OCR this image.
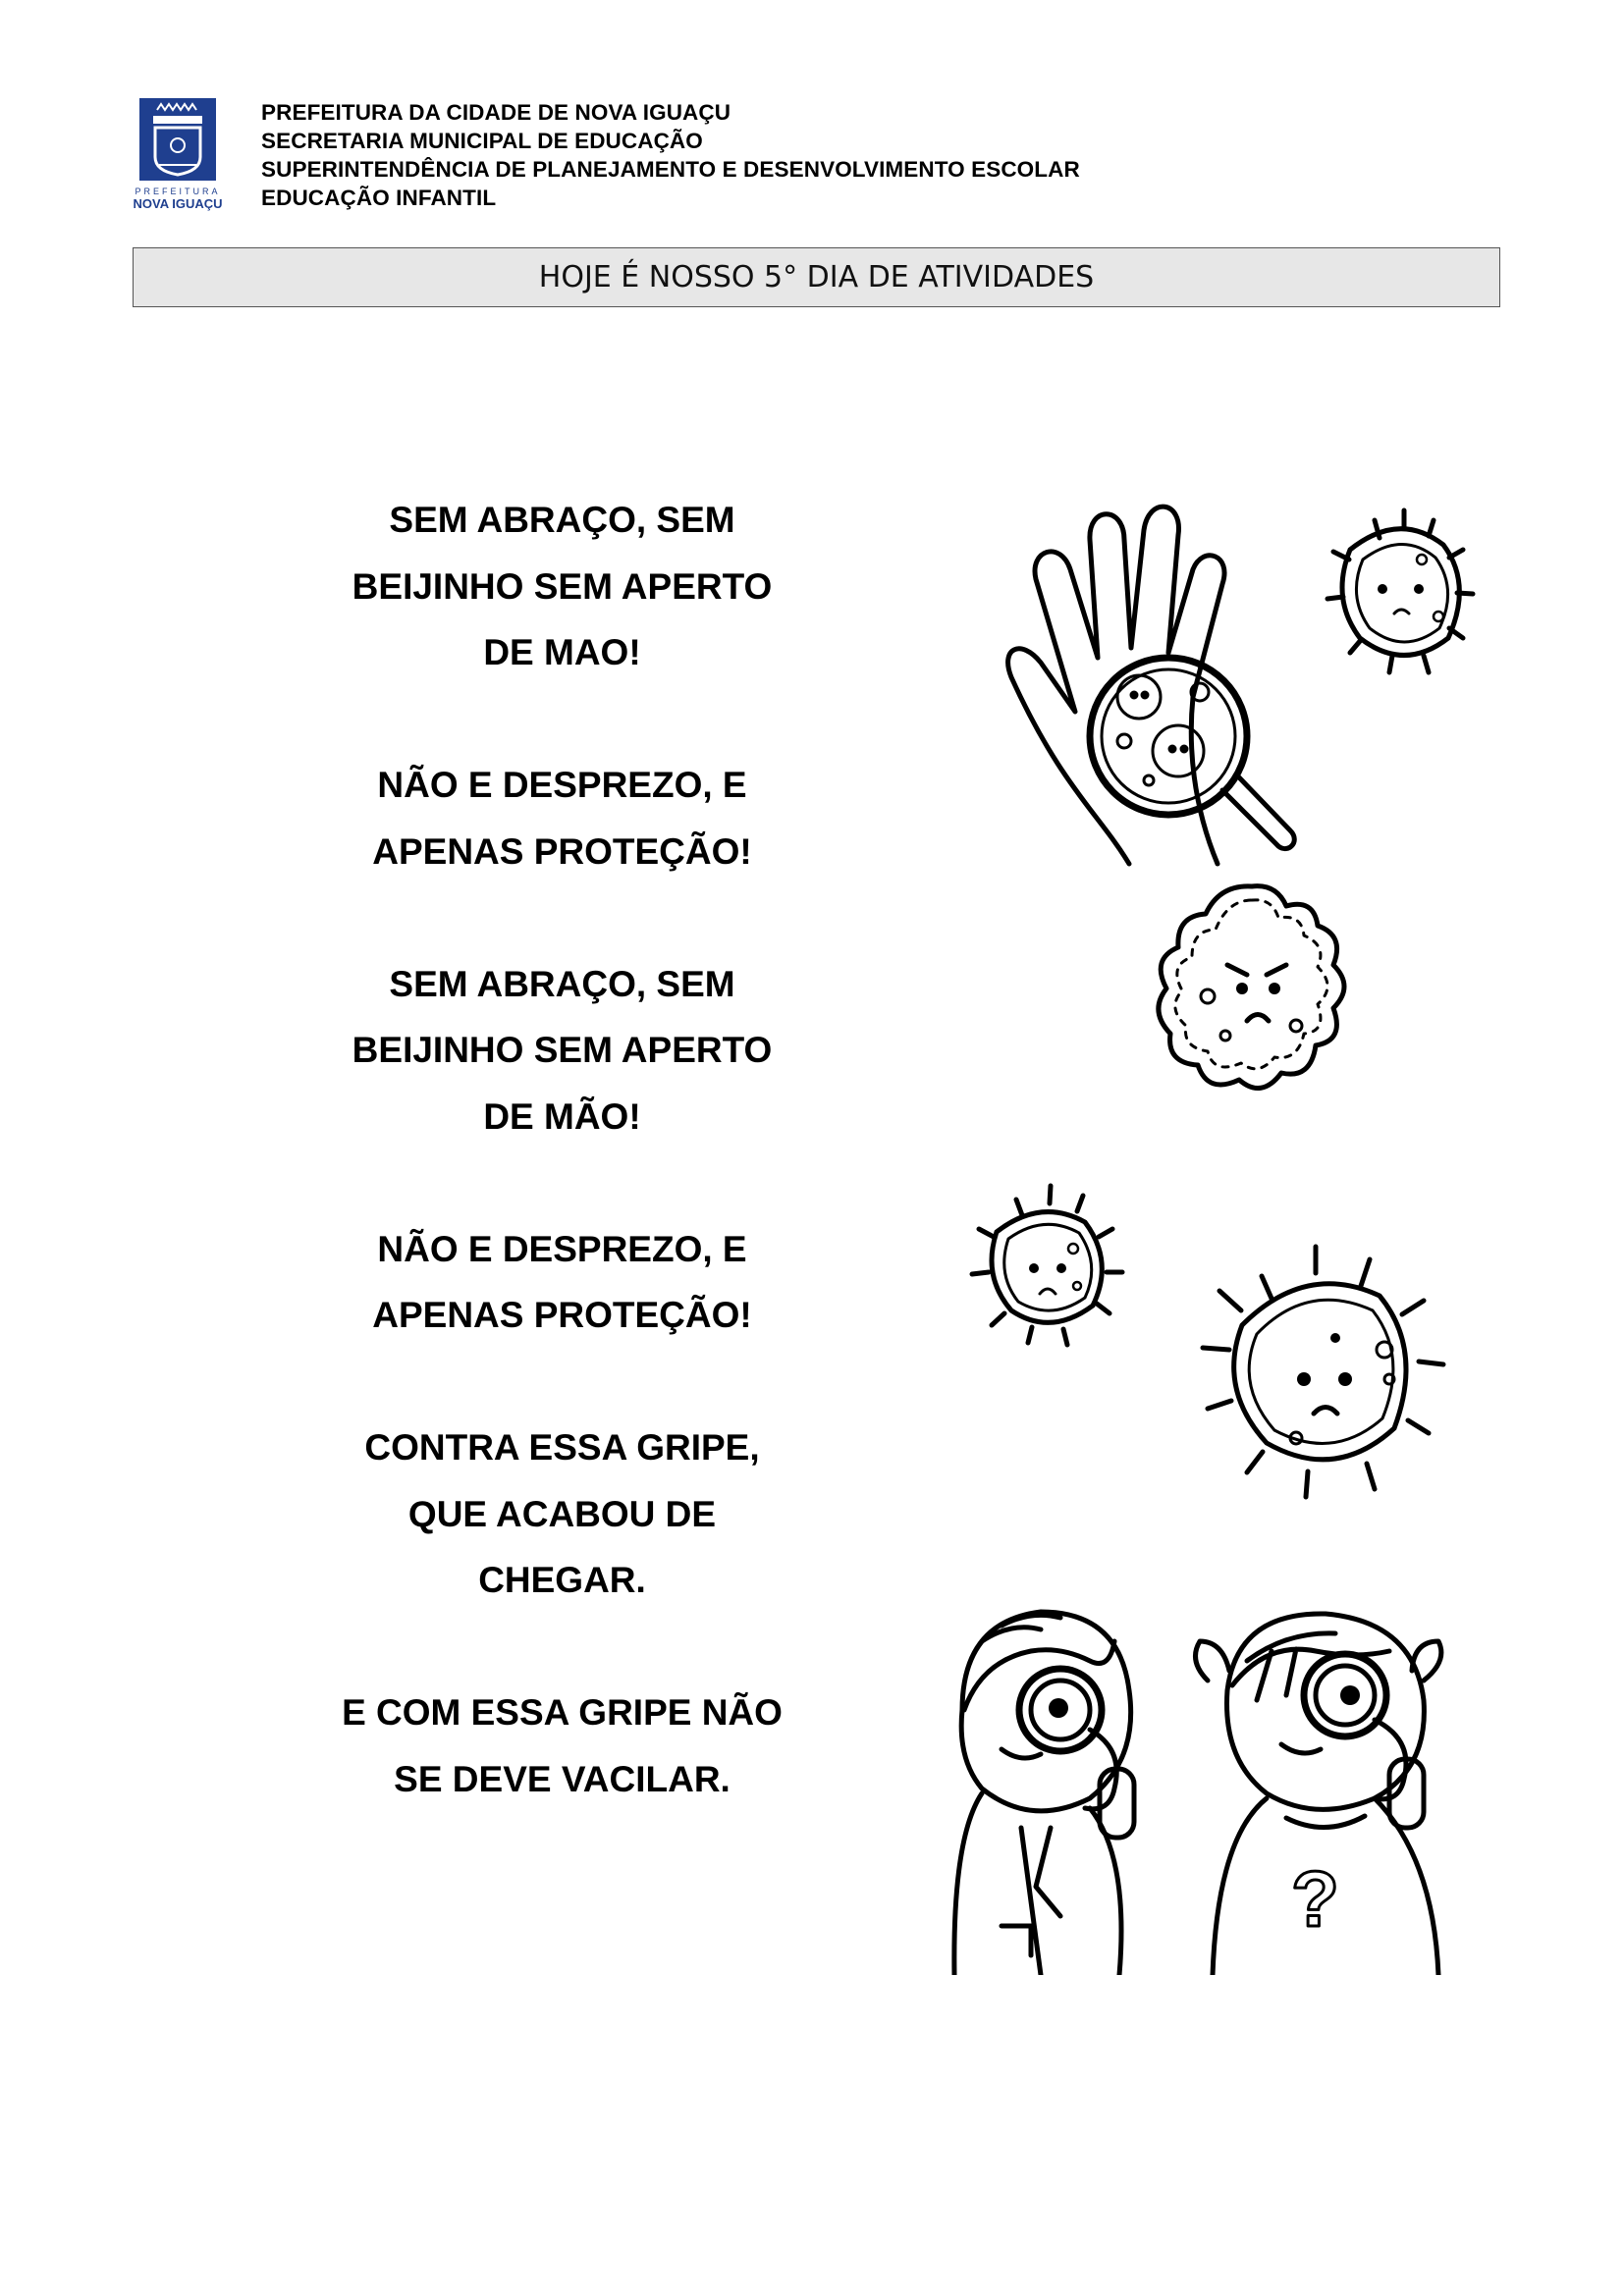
PREFEITURA
NOVA IGUAÇU
PREFEITURA DA CIDADE DE NOVA IGUAÇU
SECRETARIA MUNICIPAL DE EDUCAÇÃO
SUPERINTENDÊNCIA DE PLANEJAMENTO E DESENVOLVIMENTO ESCOLAR
EDUCAÇÃO INFANTIL
HOJE É NOSSO 5° DIA DE ATIVIDADES
SEM ABRAÇO, SEM
BEIJINHO SEM APERTO
DE MAO!
NÃO E DESPREZO, E
APENAS PROTEÇÃO!
SEM ABRAÇO, SEM
BEIJINHO SEM APERTO
DE MÃO!
NÃO E DESPREZO, E
APENAS PROTEÇÃO!
CONTRA ESSA GRIPE,
QUE ACABOU DE
CHEGAR.
E COM ESSA GRIPE NÃO
SE DEVE VACILAR.
?
